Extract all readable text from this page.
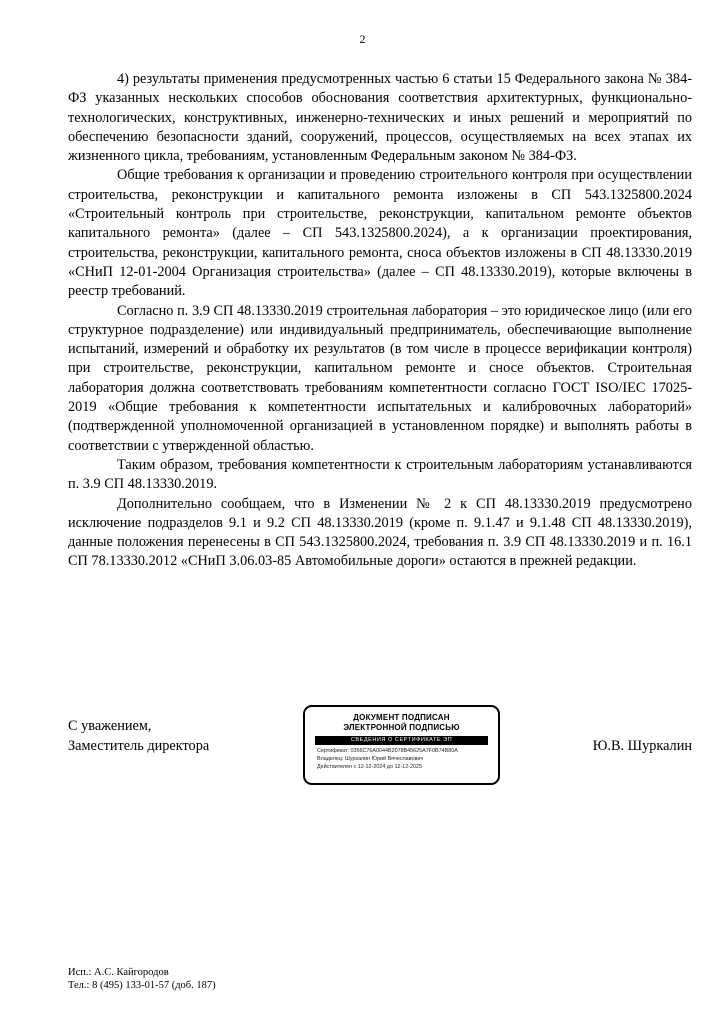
2

4) результаты применения предусмотренных частью 6 статьи 15 Федерального закона № 384-ФЗ указанных нескольких способов обоснования соответствия архитектурных, функционально-технологических, конструктивных, инженерно-технических и иных решений и мероприятий по обеспечению безопасности зданий, сооружений, процессов, осуществляемых на всех этапах их жизненного цикла, требованиям, установленным Федеральным законом № 384-ФЗ.

Общие требования к организации и проведению строительного контроля при осуществлении строительства, реконструкции и капитального ремонта изложены в СП 543.1325800.2024 «Строительный контроль при строительстве, реконструкции, капитальном ремонте объектов капитального ремонта» (далее – СП 543.1325800.2024), а к организации проектирования, строительства, реконструкции, капитального ремонта, сноса объектов изложены в СП 48.13330.2019 «СНиП 12-01-2004 Организация строительства» (далее – СП 48.13330.2019), которые включены в реестр требований.

Согласно п. 3.9 СП 48.13330.2019 строительная лаборатория – это юридическое лицо (или его структурное подразделение) или индивидуальный предприниматель, обеспечивающие выполнение испытаний, измерений и обработку их результатов (в том числе в процессе верификации контроля) при строительстве, реконструкции, капитальном ремонте и сносе объектов. Строительная лаборатория должна соответствовать требованиям компетентности согласно ГОСТ ISO/IEC 17025-2019 «Общие требования к компетентности испытательных и калибровочных лабораторий» (подтвержденной уполномоченной организацией в установленном порядке) и выполнять работы в соответствии с утвержденной областью.

Таким образом, требования компетентности к строительным лабораториям устанавливаются п. 3.9 СП 48.13330.2019.

Дополнительно сообщаем, что в Изменении № 2 к СП 48.13330.2019 предусмотрено исключение подразделов 9.1 и 9.2 СП 48.13330.2019 (кроме п. 9.1.47 и 9.1.48 СП 48.13330.2019), данные положения перенесены в СП 543.1325800.2024, требования п. 3.9 СП 48.13330.2019 и п. 16.1 СП 78.13330.2012 «СНиП 3.06.03-85 Автомобильные дороги» остаются в прежней редакции.

С уважением,
Заместитель директора
ДОКУМЕНТ ПОДПИСАН
ЭЛЕКТРОННОЙ ПОДПИСЬЮ
СВЕДЕНИЯ О СЕРТИФИКАТЕ ЭП
Сертификат: 0356C76A0044B2078B45625A7F0B74B80A
Владелец: Шуркалин Юрий Вячеславович
Действителен с 12-12-2024 до 12-12-2025
Ю.В. Шуркалин
Исп.: А.С. Кайгородов
Тел.: 8 (495) 133-01-57 (доб. 187)
